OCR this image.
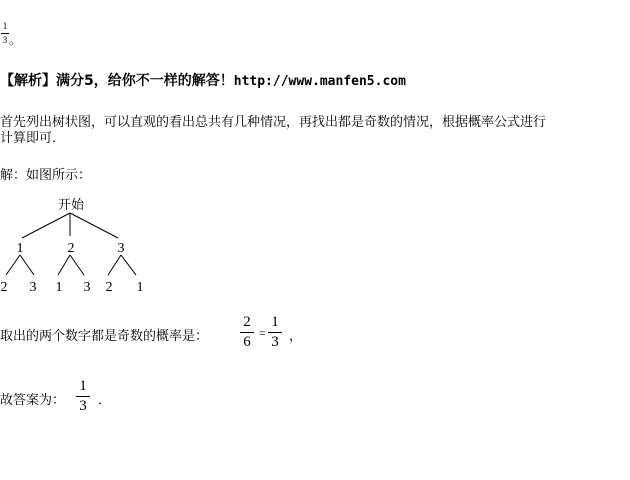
1
3 。
【解析】满分5，给你不一样的解答！http://www.manfen5.com
首先列出树状图，可以直观的看出总共有几种情况，再找出都是奇数的情况，根据概率公式进行
计算即可．
解：如图所示：
开始
1	2	3
2 3 1 3 2 1
取出的两个数字都是奇数的概率是：
2
6
=
1
3 ，
故答案为：
1
3 ．
